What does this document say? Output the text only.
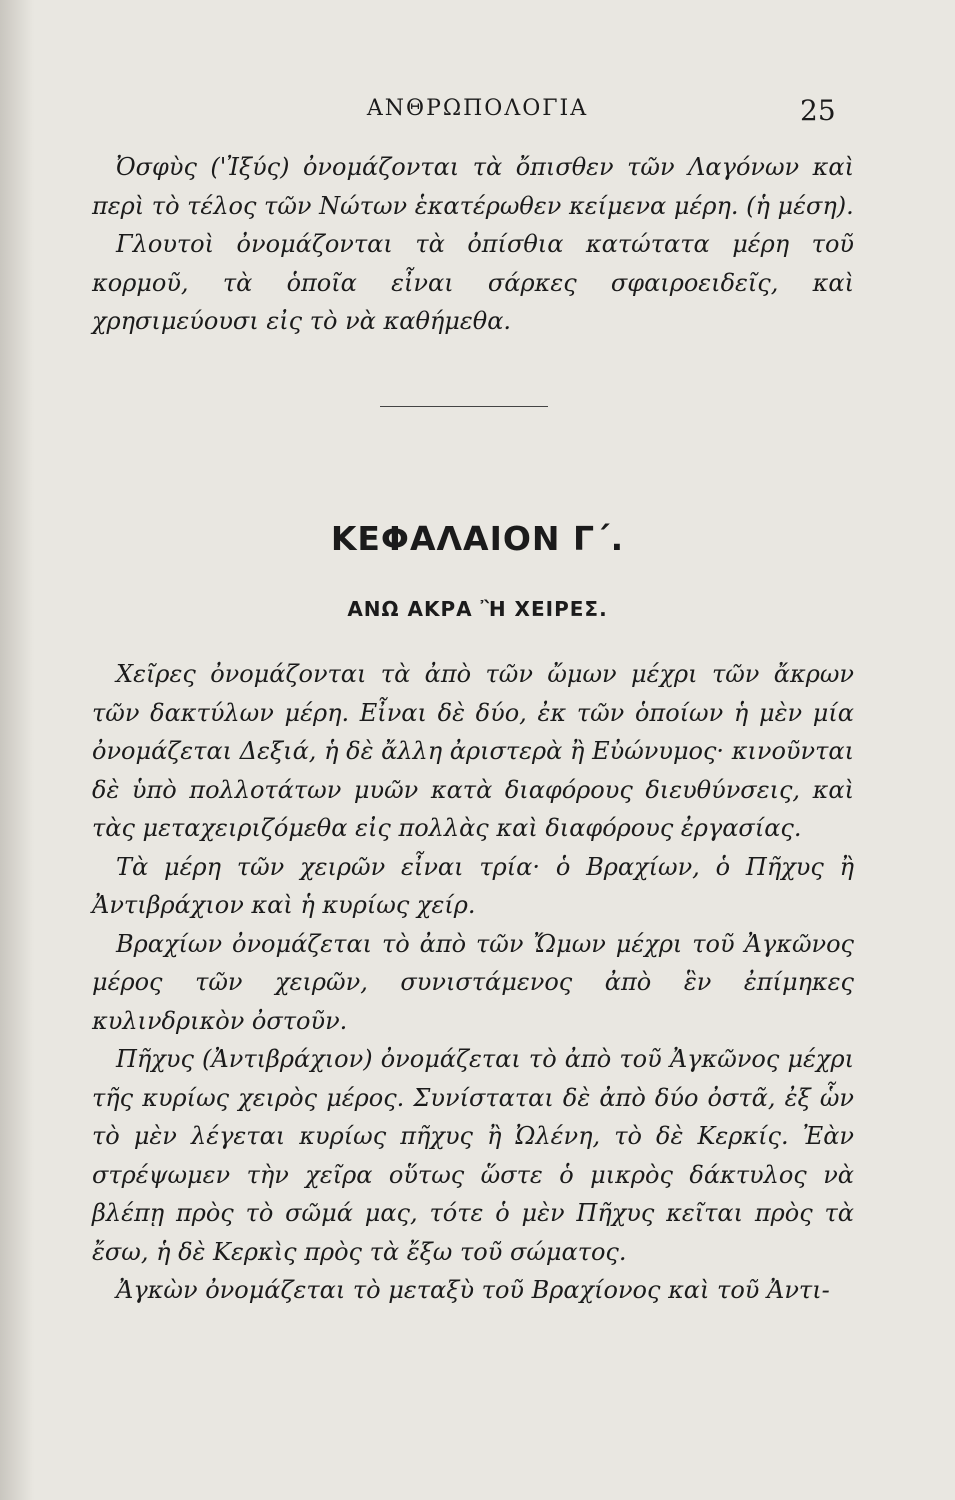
ΑΝΘΡΩΠΟΛΟΓΙΑ	25

Ὀσφὺς ('Ἰξύς) ὀνομάζονται τὰ ὄπισθεν τῶν Λαγόνων καὶ περὶ τὸ τέλος τῶν Νώτων ἑκατέρωθεν κείμενα μέρη. (ἡ μέση).

Γλουτοὶ ὀνομάζονται τὰ ὀπίσθια κατώτατα μέρη τοῦ κορμοῦ, τὰ ὁποῖα εἶναι σάρκες σφαιροειδεῖς, καὶ χρησιμεύουσι εἰς τὸ νὰ καθήμεθα.

ΚΕΦΑΛΑΙΟΝ Γ΄.
ΑΝΩ ΑΚΡΑ Ἢ ΧΕΙΡΕΣ.

Χεῖρες ὀνομάζονται τὰ ἀπὸ τῶν ὤμων μέχρι τῶν ἄκρων τῶν δακτύλων μέρη. Εἶναι δὲ δύο, ἐκ τῶν ὁποίων ἡ μὲν μία ὀνομάζεται Δεξιά, ἡ δὲ ἄλλη ἀριστερὰ ἢ Εὐώνυμος· κινοῦνται δὲ ὑπὸ πολλοτάτων μυῶν κατὰ διαφόρους διευθύνσεις, καὶ τὰς μεταχειριζόμεθα εἰς πολλὰς καὶ διαφόρους ἐργασίας.

Τὰ μέρη τῶν χειρῶν εἶναι τρία· ὁ Βραχίων, ὁ Πῆχυς ἢ Ἀντιβράχιον καὶ ἡ κυρίως χείρ.

Βραχίων ὀνομάζεται τὸ ἀπὸ τῶν Ὤμων μέχρι τοῦ Ἀγκῶνος μέρος τῶν χειρῶν, συνιστάμενος ἀπὸ ἓν ἐπίμηκες κυλινδρικὸν ὀστοῦν.

Πῆχυς (Ἀντιβράχιον) ὀνομάζεται τὸ ἀπὸ τοῦ Ἀγκῶνος μέχρι τῆς κυρίως χειρὸς μέρος. Συνίσταται δὲ ἀπὸ δύο ὀστᾶ, ἐξ ὧν τὸ μὲν λέγεται κυρίως πῆχυς ἢ Ὠλένη, τὸ δὲ Κερκίς. Ἐὰν στρέψωμεν τὴν χεῖρα οὕτως ὥστε ὁ μικρὸς δάκτυλος νὰ βλέπῃ πρὸς τὸ σῶμά μας, τότε ὁ μὲν Πῆχυς κεῖται πρὸς τὰ ἔσω, ἡ δὲ Κερκὶς πρὸς τὰ ἔξω τοῦ σώματος.

Ἀγκὼν ὀνομάζεται τὸ μεταξὺ τοῦ Βραχίονος καὶ τοῦ Ἀντι-
